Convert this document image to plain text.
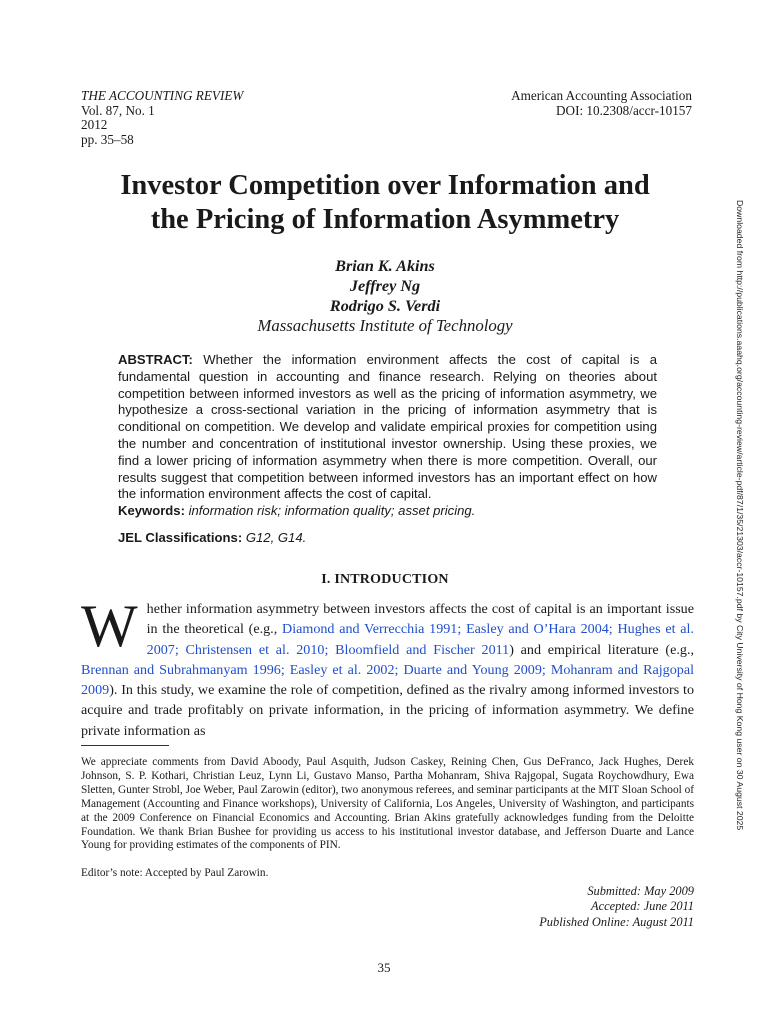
THE ACCOUNTING REVIEW
Vol. 87, No. 1
2012
pp. 35–58
American Accounting Association
DOI: 10.2308/accr-10157
Investor Competition over Information and
the Pricing of Information Asymmetry
Brian K. Akins
Jeffrey Ng
Rodrigo S. Verdi
Massachusetts Institute of Technology
ABSTRACT: Whether the information environment affects the cost of capital is a fundamental question in accounting and finance research. Relying on theories about competition between informed investors as well as the pricing of information asymmetry, we hypothesize a cross-sectional variation in the pricing of information asymmetry that is conditional on competition. We develop and validate empirical proxies for competition using the number and concentration of institutional investor ownership. Using these proxies, we find a lower pricing of information asymmetry when there is more competition. Overall, our results suggest that competition between informed investors has an important effect on how the information environment affects the cost of capital.
Keywords: information risk; information quality; asset pricing.
JEL Classifications: G12, G14.
I. INTRODUCTION
Whether information asymmetry between investors affects the cost of capital is an important issue in the theoretical (e.g., Diamond and Verrecchia 1991; Easley and O’Hara 2004; Hughes et al. 2007; Christensen et al. 2010; Bloomfield and Fischer 2011) and empirical literature (e.g., Brennan and Subrahmanyam 1996; Easley et al. 2002; Duarte and Young 2009; Mohanram and Rajgopal 2009). In this study, we examine the role of competition, defined as the rivalry among informed investors to acquire and trade profitably on private information, in the pricing of information asymmetry. We define private information as
We appreciate comments from David Aboody, Paul Asquith, Judson Caskey, Reining Chen, Gus DeFranco, Jack Hughes, Derek Johnson, S. P. Kothari, Christian Leuz, Lynn Li, Gustavo Manso, Partha Mohanram, Shiva Rajgopal, Sugata Roychowdhury, Ewa Sletten, Gunter Strobl, Joe Weber, Paul Zarowin (editor), two anonymous referees, and seminar participants at the MIT Sloan School of Management (Accounting and Finance workshops), University of California, Los Angeles, University of Washington, and participants at the 2009 Conference on Financial Economics and Accounting. Brian Akins gratefully acknowledges funding from the Deloitte Foundation. We thank Brian Bushee for providing us access to his institutional investor database, and Jefferson Duarte and Lance Young for providing estimates of the components of PIN.
Editor’s note: Accepted by Paul Zarowin.
Submitted: May 2009
Accepted: June 2011
Published Online: August 2011
35
Downloaded from http://publications.aaahq.org/accounting-review/article-pdf/87/1/35/21303/accr-10157.pdf by City University of Hong Kong user on 30 August 2025
